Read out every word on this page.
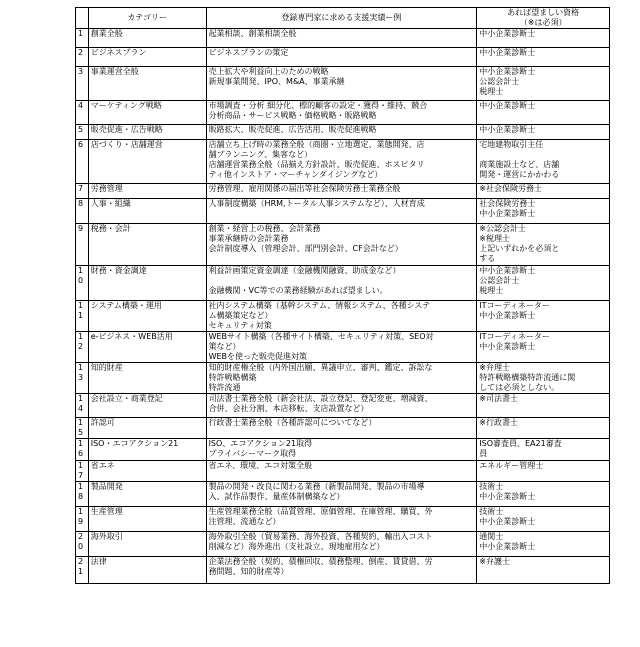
	カテゴリー	登録専門家に求める支援実績ー例	あれば望ましい資格
（※は必須）

1	創業全般	起業相談、創業相談全般	中小企業診断士

2	ビジネスプラン	ビジネスプランの策定	中小企業診断士

3	事業運営全般	売上拡大や利益向上のための戦略
新規事業開発、IPO、M&A、事業承継	中小企業診断士
公認会計士
税理士

4	マーケティング戦略	市場調査・分析 細分化、標的顧客の設定・獲得・維持、競合
分析商品・サービス戦略・価格戦略・販路戦略	中小企業診断士

5	販売促進・広告戦略	販路拡大、販売促進、広告活用、販売促進戦略	中小企業診断士

6	店づくり・店舗運営	店舗立ち上げ時の業務全般（商圏・立地選定、業態開発、店
舗プランニング、集客など）
店舗運営業務全般（品揃え方針設計、販売促進、ホスピタリ
ティ他インストア・マーチャンダイジングなど）	宅地建物取引主任
商業施設士など、店舗
開発・運営にかかわる

7	労務管理	労務管理、雇用関係の届出等社会保険労務士業務全般	※社会保険労務士

8	人事・組織	人事制度構築（HRM,トータル人事システムなど）、人材育成	社会保険労務士
中小企業診断士

9	税務・会計	創業・経営上の税務、会計業務
事業承継時の会計業務
会計制度導入（管理会計、部門別会計、CF会計など）	※公認会計士
※税理士
上記いずれかを必須と
する

10	財務・資金調達	利益計画策定資金調達（金融機関融資、助成金など）
金融機関・VC等での業務経験があれば望ましい。	中小企業診断士
公認会計士
税理士

11	システム構築・運用	社内システム構築（基幹システム、情報システム、各種システ
ム構築策定など）
セキュリティ対策	ITコーディネーター
中小企業診断士

12	e-ビジネス・WEB活用	WEBサイト構築（各種サイト構築、セキュリティ対策、SEO対
策など）
WEBを使った販売促進対策	ITコーディネーター
中小企業診断士

13	知的財産	知的財産権全般（内外国出願、異議申立、審判、鑑定、訴訟な
特許戦略構築
特許流通	※弁理士
特許戦略構築特許流通に関
しては必須としない。

14	会社設立・商業登記	司法書士業務全般（新会社法、設立登記、登記変更、増減資、
合併、会社分割、本店移転、支店設置など）	※司法書士

15	許認可	行政書士業務全般（各種許認可についてなど）	※行政書士

16	ISO・エコアクション21	ISO、エコアクション21取得
プライバシーマーク取得	ISO審査員、EA21審査
員

17	省エネ	省エネ、環境、エコ対策全般	エネルギー管理士

18	製品開発	製品の開発・改良に関わる業務（新製品開発、製品の市場導
入、試作品製作、量産体制構築など）	技術士
中小企業診断士

19	生産管理	生産管理業務全般（品質管理、原価管理、在庫管理、購買、外
注管理、流通など）	技術士
中小企業診断士

20	海外取引	海外取引全般（貿易業務、海外投資、各種契約、輸出入コスト
削減など）海外進出（支社設立、現地雇用など）	通関士
中小企業診断士

21	法律	企業法務全般（契約、債権回収、債務整理、倒産、賃貸借、労
務問題、知的財産等）	※弁護士
